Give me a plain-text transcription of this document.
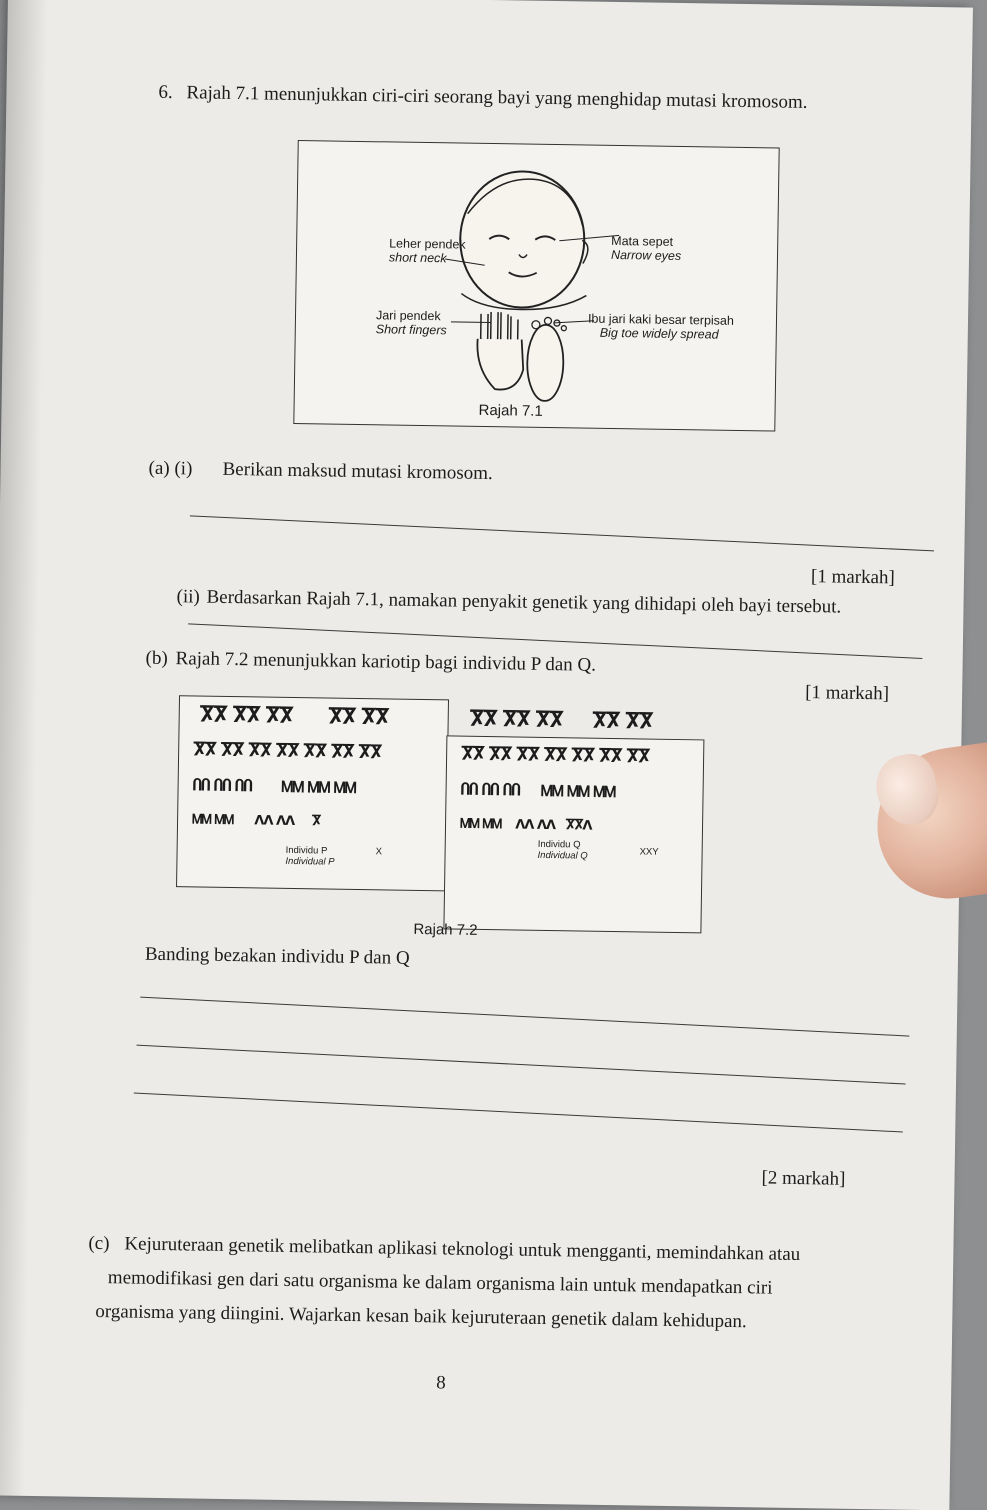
6. Rajah 7.1 menunjukkan ciri-ciri seorang bayi yang menghidap mutasi kromosom.
Leher pendek
short neck
Mata sepet
Narrow eyes
Jari pendek
Short fingers
Ibu jari kaki besar terpisah
Big toe widely spread
Rajah 7.1
(a) (i) Berikan maksud mutasi kromosom.
[1 markah]
(ii) Berdasarkan Rajah 7.1, namakan penyakit genetik yang dihidapi oleh bayi tersebut.
[1 markah]
(b) Rajah 7.2 menunjukkan kariotip bagi individu P dan Q.
ႿႿ ႿႿ ႿႿ      ႿႿ ႿႿ
ႿႿ ႿႿ ႿႿ ႿႿ ႿႿ ႿႿ ႿႿ
ႶႶ ႶႶ ႶႶ       ᎷᎷ ᎷᎷ ᎷᎷ
ᎷᎷ ᎷᎷ      ᐱᐱ ᐱᐱ     Ⴟ
X
Individu P
Individual P
ႿႿ ႿႿ ႿႿ     ႿႿ ႿႿ
ႿႿ ႿႿ ႿႿ ႿႿ ႿႿ ႿႿ ႿႿ
ႶႶ ႶႶ ႶႶ     ᎷᎷ ᎷᎷ ᎷᎷ
ᎷᎷ ᎷᎷ    ᐱᐱ ᐱᐱ   ႿႿᐱ
XXY
Individu Q
Individual Q
Rajah 7.2
Banding bezakan individu P dan Q
[2 markah]
(c) Kejuruteraan genetik melibatkan aplikasi teknologi untuk mengganti, memindahkan atau
memodifikasi gen dari satu organisma ke dalam organisma lain untuk mendapatkan ciri
organisma yang diingini. Wajarkan kesan baik kejuruteraan genetik dalam kehidupan.
8
